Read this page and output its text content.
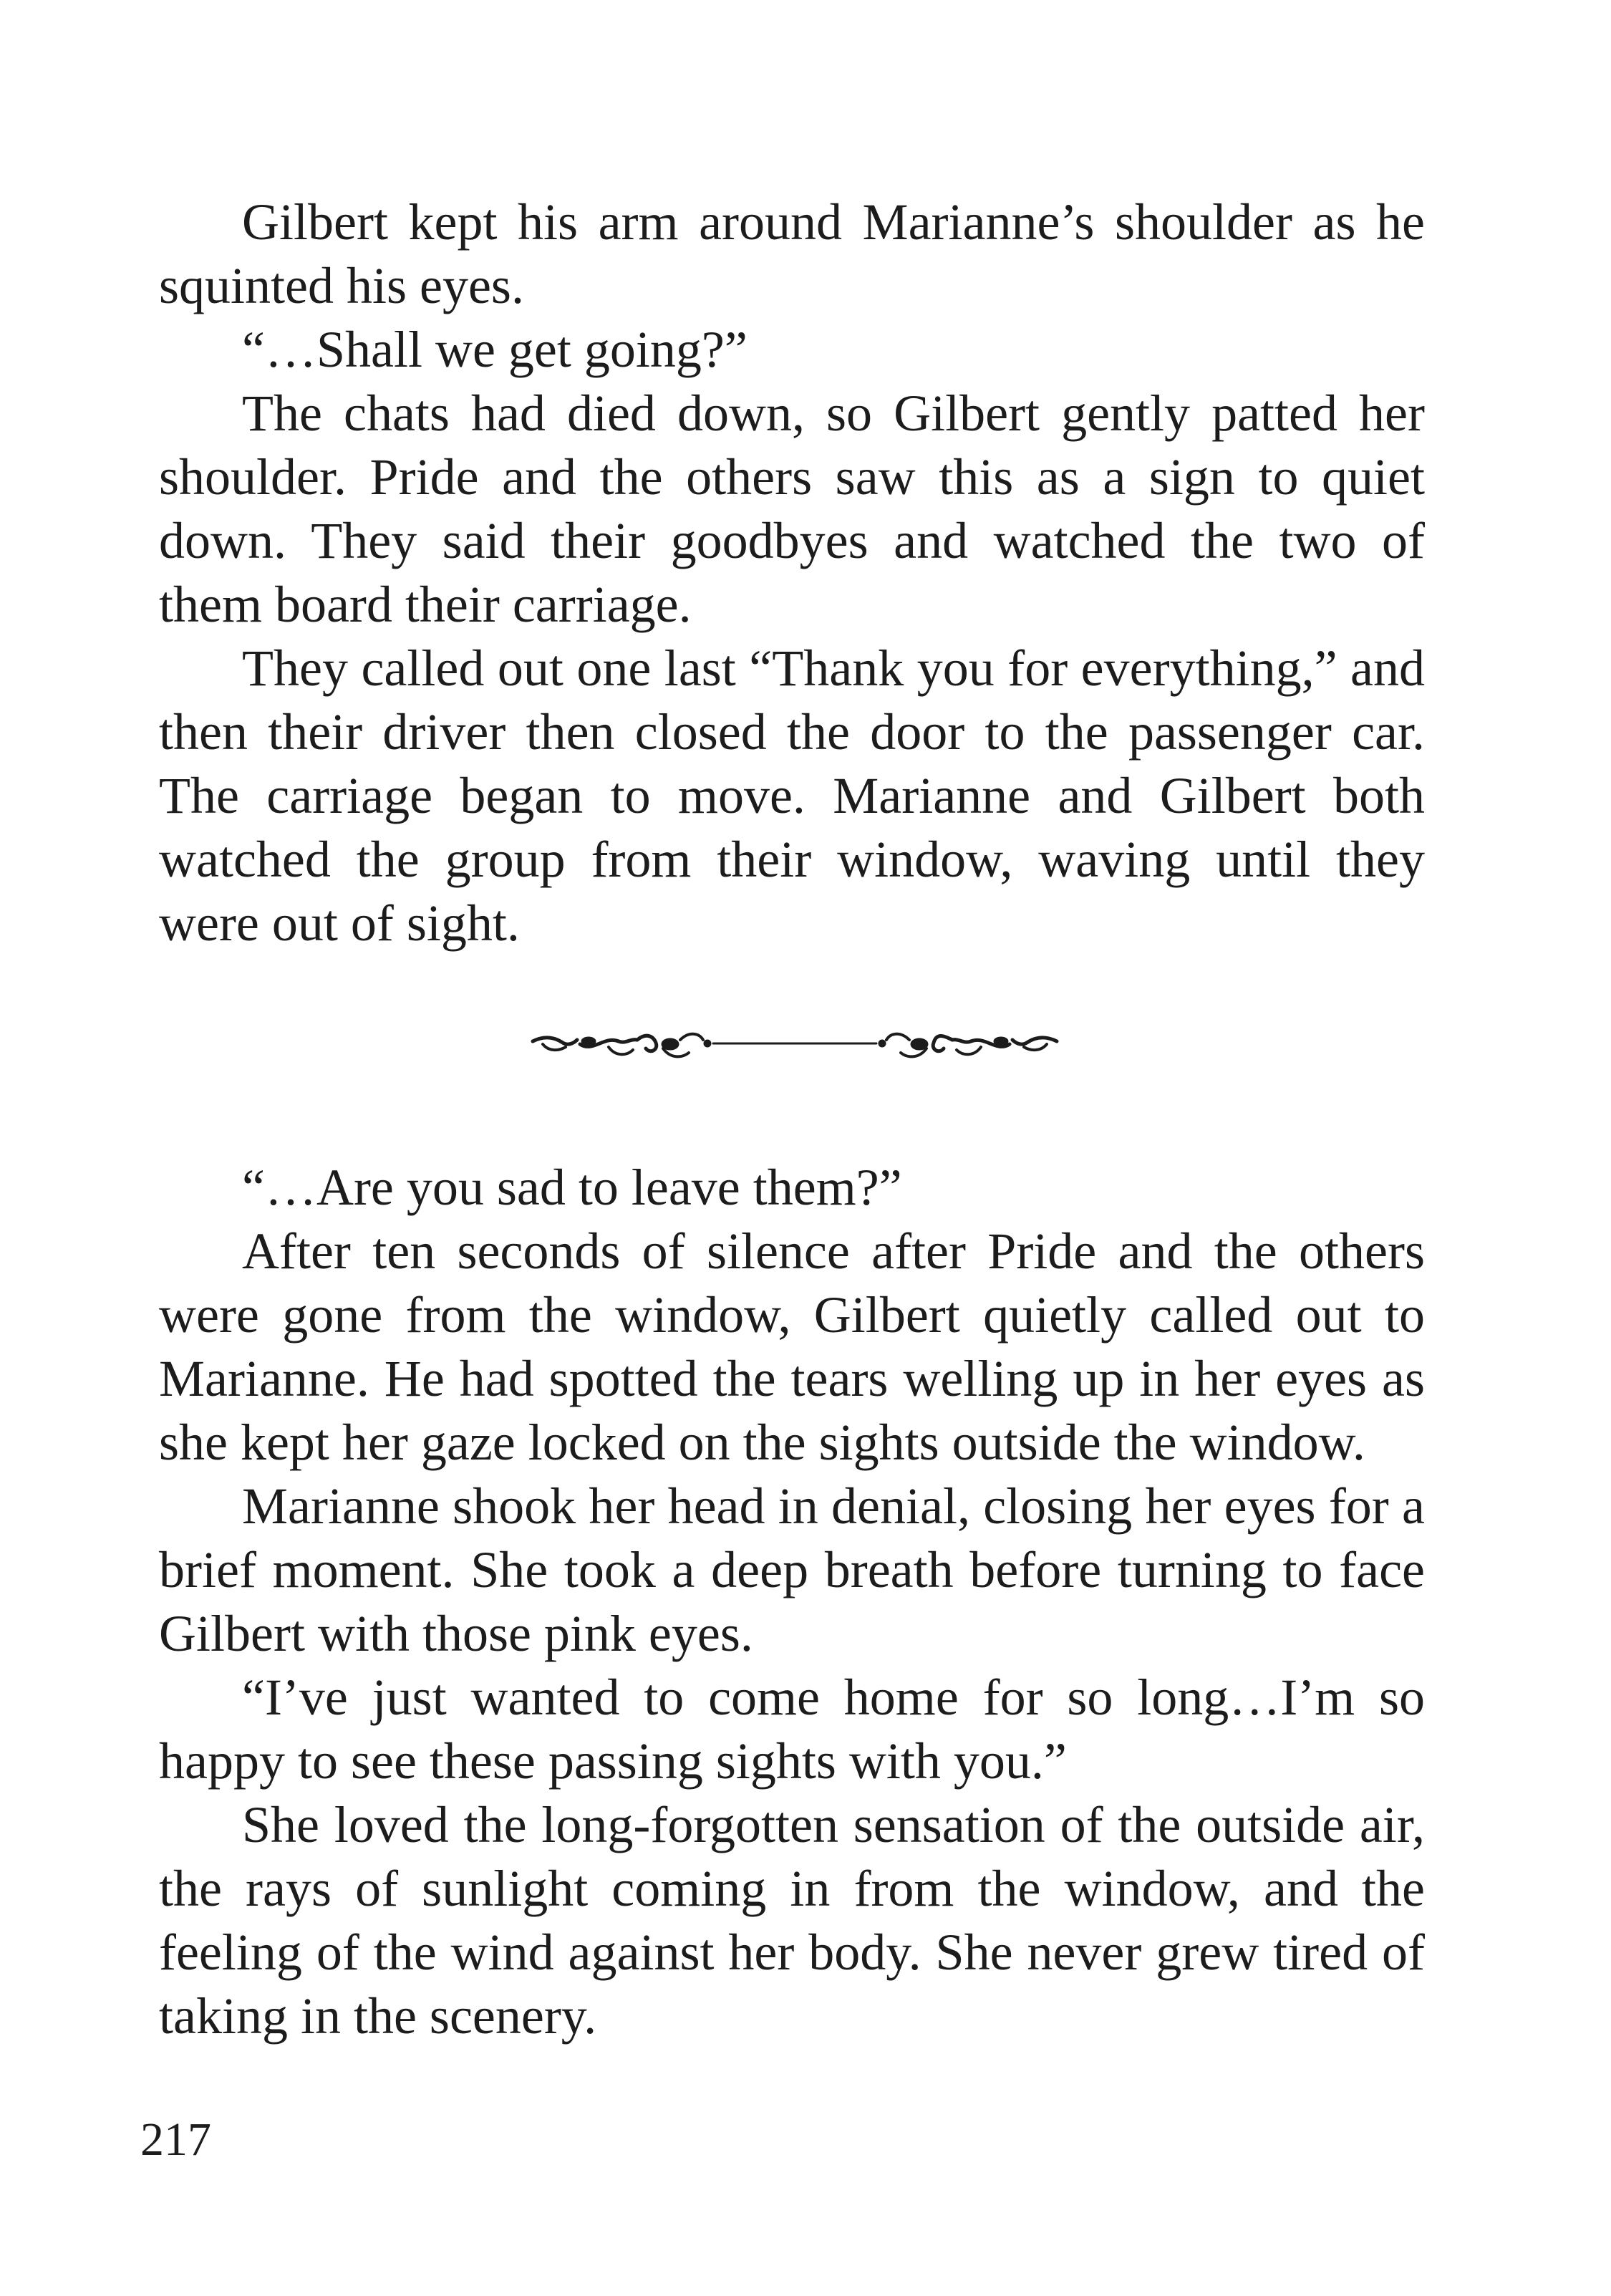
Gilbert kept his arm around Marianne’s shoulder as he squinted his eyes.

“…Shall we get going?”

The chats had died down, so Gilbert gently patted her shoulder. Pride and the others saw this as a sign to quiet down. They said their goodbyes and watched the two of them board their carriage.

They called out one last “Thank you for everything,” and then their driver then closed the door to the passenger car. The carriage began to move. Marianne and Gilbert both watched the group from their window, waving until they were out of sight.

“…Are you sad to leave them?”

After ten seconds of silence after Pride and the others were gone from the window, Gilbert quietly called out to Marianne. He had spotted the tears welling up in her eyes as she kept her gaze locked on the sights outside the window.

Marianne shook her head in denial, closing her eyes for a brief moment. She took a deep breath before turning to face Gilbert with those pink eyes.

“I’ve just wanted to come home for so long…I’m so happy to see these passing sights with you.”

She loved the long-forgotten sensation of the outside air, the rays of sunlight coming in from the window, and the feeling of the wind against her body. She never grew tired of taking in the scenery.

217
